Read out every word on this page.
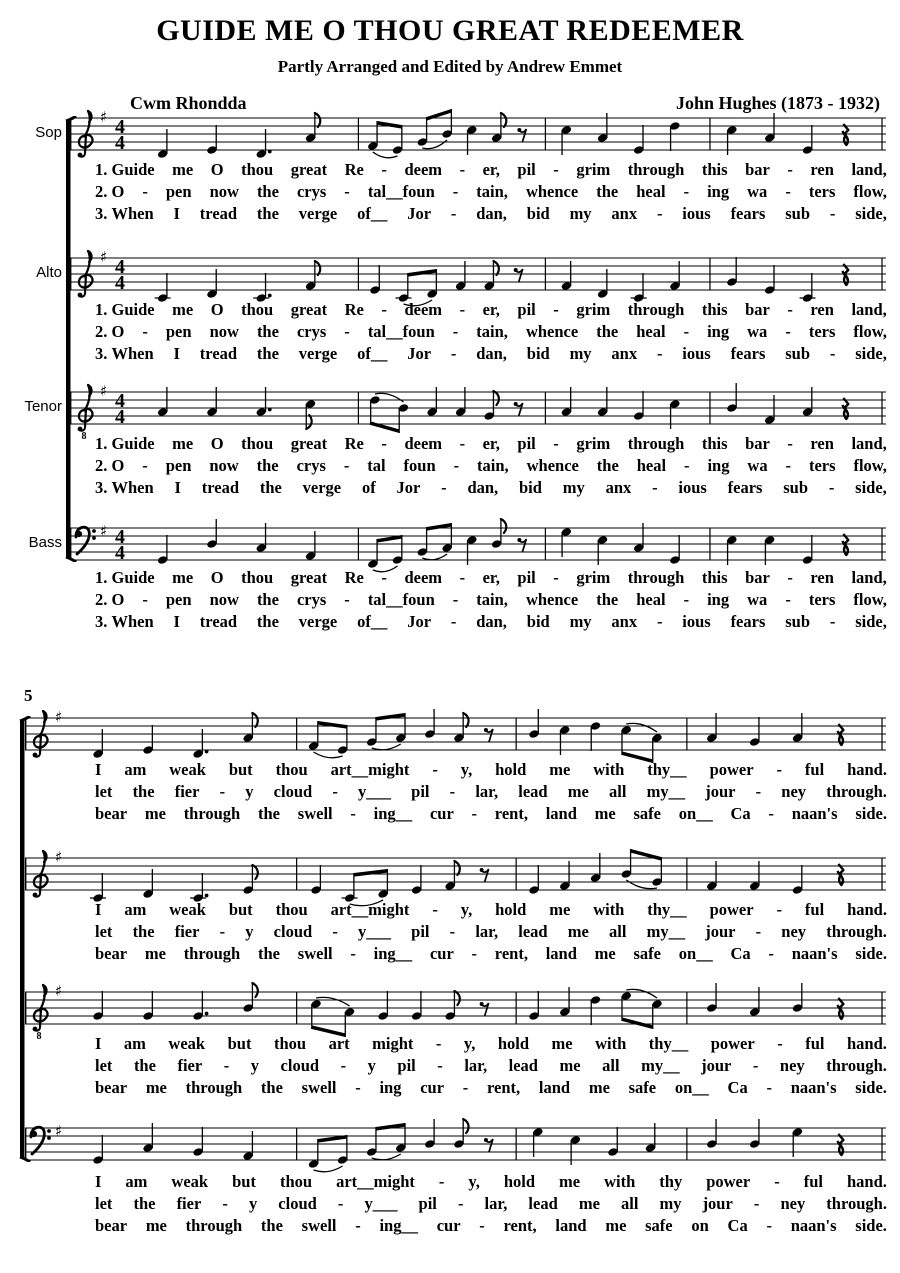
GUIDE ME O THOU GREAT REDEEMER
Partly Arranged and Edited by Andrew Emmet
Cwm Rhondda	John Hughes (1873 - 1932)
5
Sop
♯ 4
4
1. Guide me O thou great Re - deem - er, pil - grim through this bar - ren land,
2. O - pen now the crys - tal__foun - tain, whence the heal - ing wa - ters flow,
3. When I tread the verge of__ Jor - dan, bid my anx - ious fears sub - side,
Alto
♯ 4
4
1. Guide me O thou great Re - deem - er, pil - grim through this bar - ren land,
2. O - pen now the crys - tal__foun - tain, whence the heal - ing wa - ters flow,
3. When I tread the verge of__ Jor - dan, bid my anx - ious fears sub - side,
Tenor
8
♯ 4
4
1. Guide me O thou great Re - deem - er, pil - grim through this bar - ren land,
2. O - pen now the crys - tal foun - tain, whence the heal - ing wa - ters flow,
3. When I tread the verge of Jor - dan, bid my anx - ious fears sub - side,
Bass
♯ 4
4
1. Guide me O thou great Re - deem - er, pil - grim through this bar - ren land,
2. O - pen now the crys - tal__foun - tain, whence the heal - ing wa - ters flow,
3. When I tread the verge of__ Jor - dan, bid my anx - ious fears sub - side,
♯
I am weak but thou art__might - y, hold me with thy__ power - ful hand.
let the fier - y cloud - y___ pil - lar, lead me all my__ jour - ney through.
bear me through the swell - ing__ cur - rent, land me safe on__ Ca - naan's side.
♯
I am weak but thou art__might - y, hold me with thy__ power - ful hand.
let the fier - y cloud - y___ pil - lar, lead me all my__ jour - ney through.
bear me through the swell - ing__ cur - rent, land me safe on__ Ca - naan's side.
8
♯
I am weak but thou art might - y, hold me with thy__ power - ful hand.
let the fier - y cloud - y pil - lar, lead me all my__ jour - ney through.
bear me through the swell - ing cur - rent, land me safe on__ Ca - naan's side.
♯
I am weak but thou art__might - y, hold me with thy power - ful hand.
let the fier - y cloud - y___ pil - lar, lead me all my jour - ney through.
bear me through the swell - ing__ cur - rent, land me safe on Ca - naan's side.
